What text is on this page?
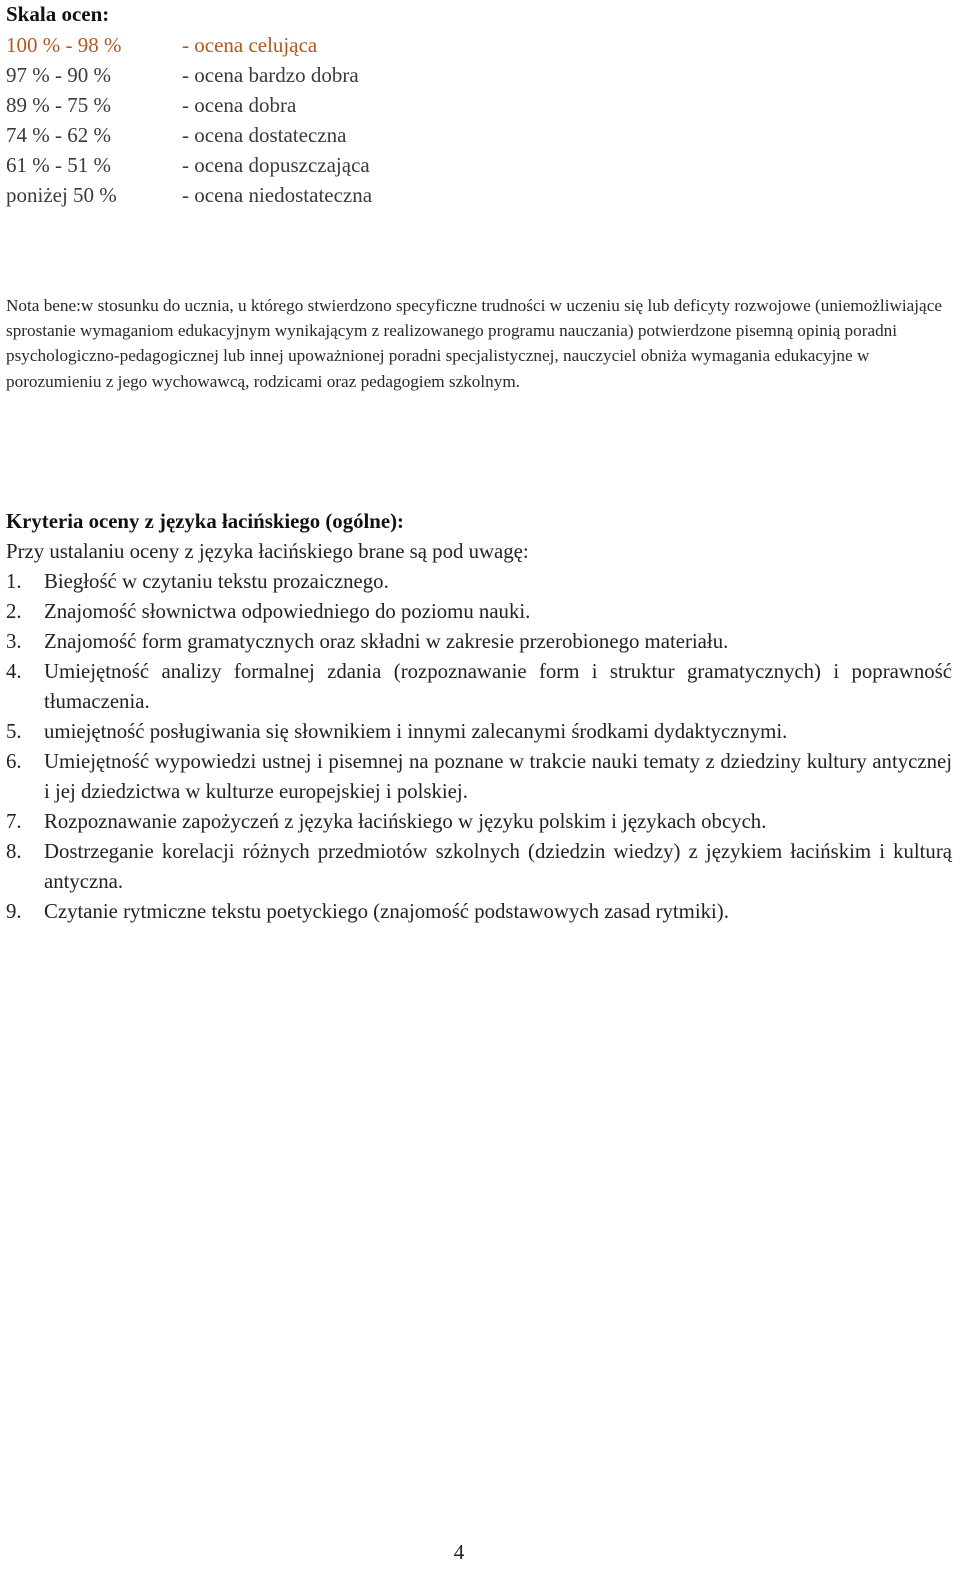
Skala ocen:
100 % - 98 %	- ocena celująca
97 % - 90 %	- ocena bardzo dobra
89 % - 75 %	- ocena dobra
74 % - 62 %	- ocena dostateczna
61 % - 51 %	- ocena dopuszczająca
poniżej 50 %	- ocena niedostateczna

Nota bene:w stosunku do ucznia, u którego stwierdzono specyficzne trudności w uczeniu się lub deficyty rozwojowe (uniemożliwiające sprostanie wymaganiom edukacyjnym wynikającym z realizowanego programu nauczania) potwierdzone pisemną opinią poradni psychologiczno-pedagogicznej lub innej upoważnionej poradni specjalistycznej, nauczyciel obniża wymagania edukacyjne w porozumieniu z jego wychowawcą, rodzicami oraz pedagogiem szkolnym.

Kryteria oceny z języka łacińskiego (ogólne):
Przy ustalaniu oceny z języka łacińskiego brane są pod uwagę:
1.	Biegłość w czytaniu tekstu prozaicznego.
2.	Znajomość słownictwa odpowiedniego do poziomu nauki.
3.	Znajomość form gramatycznych oraz składni w zakresie przerobionego materiału.
4.	Umiejętność analizy formalnej zdania (rozpoznawanie form i struktur gramatycznych) i poprawność tłumaczenia.
5.	umiejętność posługiwania się słownikiem i innymi zalecanymi środkami dydaktycznymi.
6.	Umiejętność wypowiedzi ustnej i pisemnej na poznane w trakcie nauki tematy z dziedziny kultury antycznej i jej dziedzictwa w kulturze europejskiej i polskiej.
7.	Rozpoznawanie zapożyczeń z języka łacińskiego w języku polskim i językach obcych.
8.	Dostrzeganie korelacji różnych przedmiotów szkolnych (dziedzin wiedzy) z językiem łacińskim i kulturą antyczna.
9.	Czytanie rytmiczne tekstu poetyckiego (znajomość podstawowych zasad rytmiki).
4
